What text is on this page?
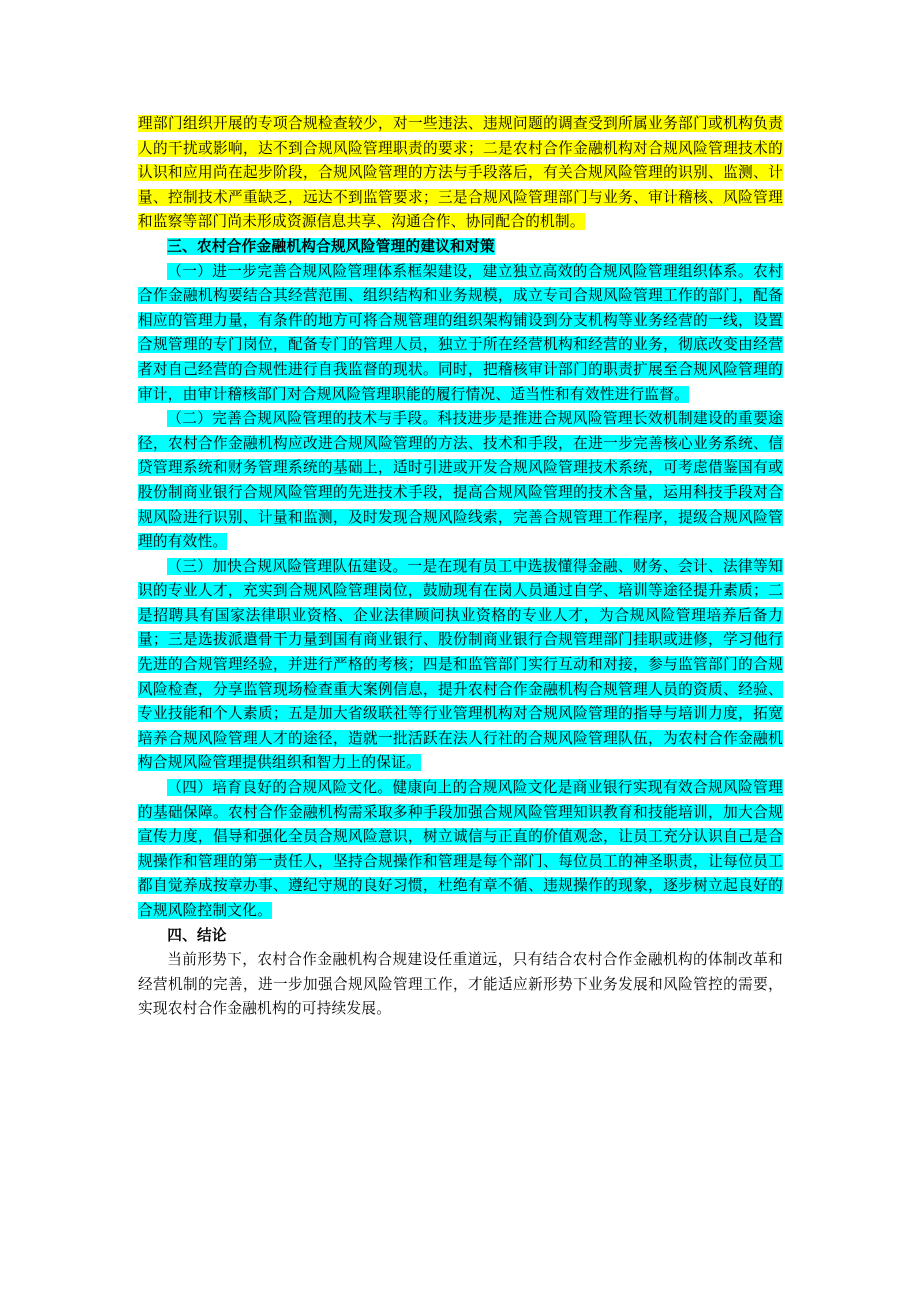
理部门组织开展的专项合规检查较少，对一些违法、违规问题的调查受到所属业务部门或机构负责人的干扰或影响，达不到合规风险管理职责的要求；二是农村合作金融机构对合规风险管理技术的认识和应用尚在起步阶段，合规风险管理的方法与手段落后，有关合规风险管理的识别、监测、计量、控制技术严重缺乏，远达不到监管要求；三是合规风险管理部门与业务、审计稽核、风险管理和监察等部门尚未形成资源信息共享、沟通合作、协同配合的机制。

三、农村合作金融机构合规风险管理的建议和对策

（一）进一步完善合规风险管理体系框架建设，建立独立高效的合规风险管理组织体系。农村合作金融机构要结合其经营范围、组织结构和业务规模，成立专司合规风险管理工作的部门，配备相应的管理力量，有条件的地方可将合规管理的组织架构铺设到分支机构等业务经营的一线，设置合规管理的专门岗位，配备专门的管理人员，独立于所在经营机构和经营的业务，彻底改变由经营者对自己经营的合规性进行自我监督的现状。同时，把稽核审计部门的职责扩展至合规风险管理的审计，由审计稽核部门对合规风险管理职能的履行情况、适当性和有效性进行监督。

（二）完善合规风险管理的技术与手段。科技进步是推进合规风险管理长效机制建设的重要途径，农村合作金融机构应改进合规风险管理的方法、技术和手段，在进一步完善核心业务系统、信贷管理系统和财务管理系统的基础上，适时引进或开发合规风险管理技术系统，可考虑借鉴国有或股份制商业银行合规风险管理的先进技术手段，提高合规风险管理的技术含量，运用科技手段对合规风险进行识别、计量和监测，及时发现合规风险线索，完善合规管理工作程序，提级合规风险管理的有效性。

（三）加快合规风险管理队伍建设。一是在现有员工中选拔懂得金融、财务、会计、法律等知识的专业人才，充实到合规风险管理岗位，鼓励现有在岗人员通过自学、培训等途径提升素质；二是招聘具有国家法律职业资格、企业法律顾问执业资格的专业人才，为合规风险管理培养后备力量；三是选拔派遣骨干力量到国有商业银行、股份制商业银行合规管理部门挂职或进修，学习他行先进的合规管理经验，并进行严格的考核；四是和监管部门实行互动和对接，参与监管部门的合规风险检查，分享监管现场检查重大案例信息，提升农村合作金融机构合规管理人员的资质、经验、专业技能和个人素质；五是加大省级联社等行业管理机构对合规风险管理的指导与培训力度，拓宽培养合规风险管理人才的途径，造就一批活跃在法人行社的合规风险管理队伍，为农村合作金融机构合规风险管理提供组织和智力上的保证。

（四）培育良好的合规风险文化。健康向上的合规风险文化是商业银行实现有效合规风险管理的基础保障。农村合作金融机构需采取多种手段加强合规风险管理知识教育和技能培训，加大合规宣传力度，倡导和强化全员合规风险意识，树立诚信与正直的价值观念，让员工充分认识自己是合规操作和管理的第一责任人，坚持合规操作和管理是每个部门、每位员工的神圣职责，让每位员工都自觉养成按章办事、遵纪守规的良好习惯，杜绝有章不循、违规操作的现象，逐步树立起良好的合规风险控制文化。

四、结论

当前形势下，农村合作金融机构合规建设任重道远，只有结合农村合作金融机构的体制改革和经营机制的完善，进一步加强合规风险管理工作，才能适应新形势下业务发展和风险管控的需要，实现农村合作金融机构的可持续发展。
